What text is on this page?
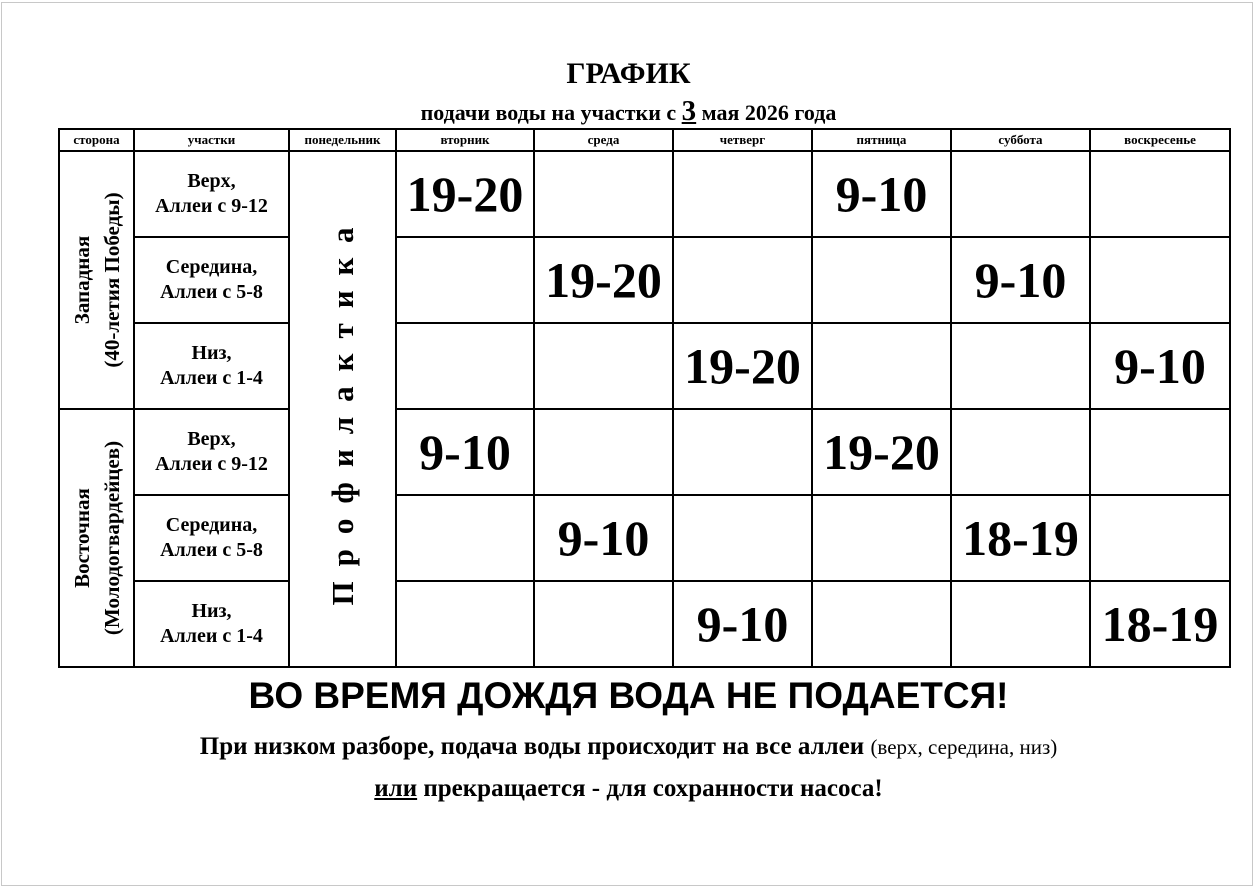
ГРАФИК
подачи воды на участки с 3 мая 2026 года
сторона	участки	понедельник	вторник	среда	четверг	пятница	суббота	воскресенье

Западная (40-летия Победы)	Верх,
Аллеи с 9-12	Профилактика	19-20			9-10		

	Середина,
Аллеи с 5-8			19-20			9-10	

	Низ,
Аллеи с 1-4				19-20			9-10

Восточная (Молодогвардейцев)	Верх,
Аллеи с 9-12		9-10			19-20		

	Середина,
Аллеи с 5-8			9-10			18-19	

	Низ,
Аллеи с 1-4				9-10			18-19
ВО ВРЕМЯ ДОЖДЯ ВОДА НЕ ПОДАЕТСЯ!
При низком разборе, подача воды происходит на все аллеи (верх, середина, низ)
или прекращается - для сохранности насоса!
